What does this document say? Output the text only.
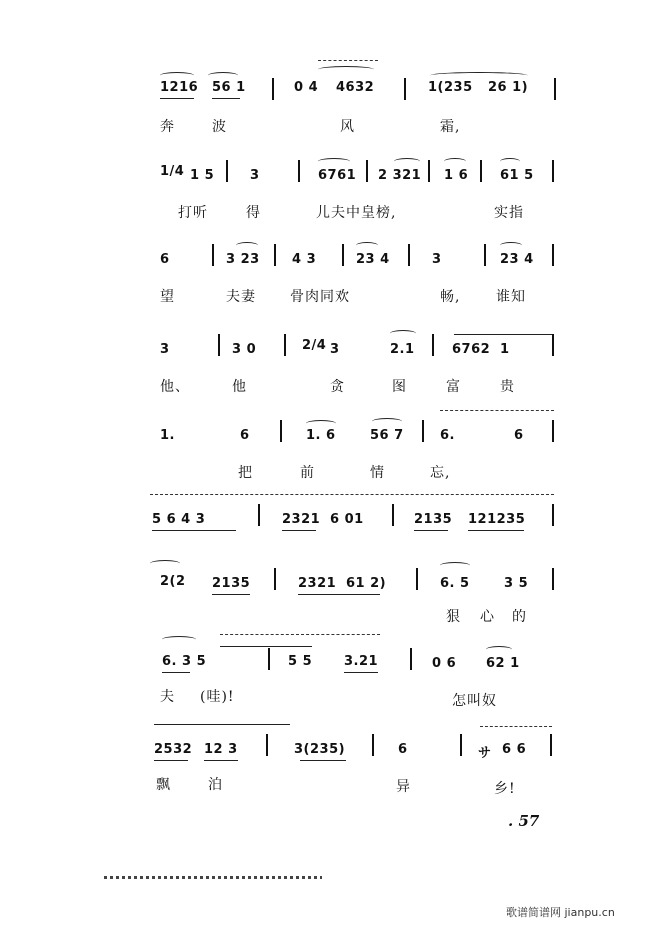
1216 56 1	0 4 4632	1(235 26 1)
奔	波	风	霜,
1/4 1 5	3	6761 2 321 1 6 61 5
打听	得	儿夫中皇榜,	实指
6	3 23 4 3	23 4	3	23 4
望	夫妻 骨肉同欢	畅,	谁知
3	3 0	2/4 3	2.1	6762 1
他、	他	贪	图	富	贵
1.	6	1. 6	56 7	6.	6
把	前	情	忘,
5 6 4 3	2321 6 01	2135 121235
2(2 2135	2321 61 2)	6. 5	3 5
狠 心 的
6. 3 5	5 5 3.21	0 6 62 1
夫 (哇)!	怎叫奴
2532 12 3	3(235)	6	サ 6 6
飘	泊	异	乡!
. 57
歌谱简谱网 jianpu.cn
